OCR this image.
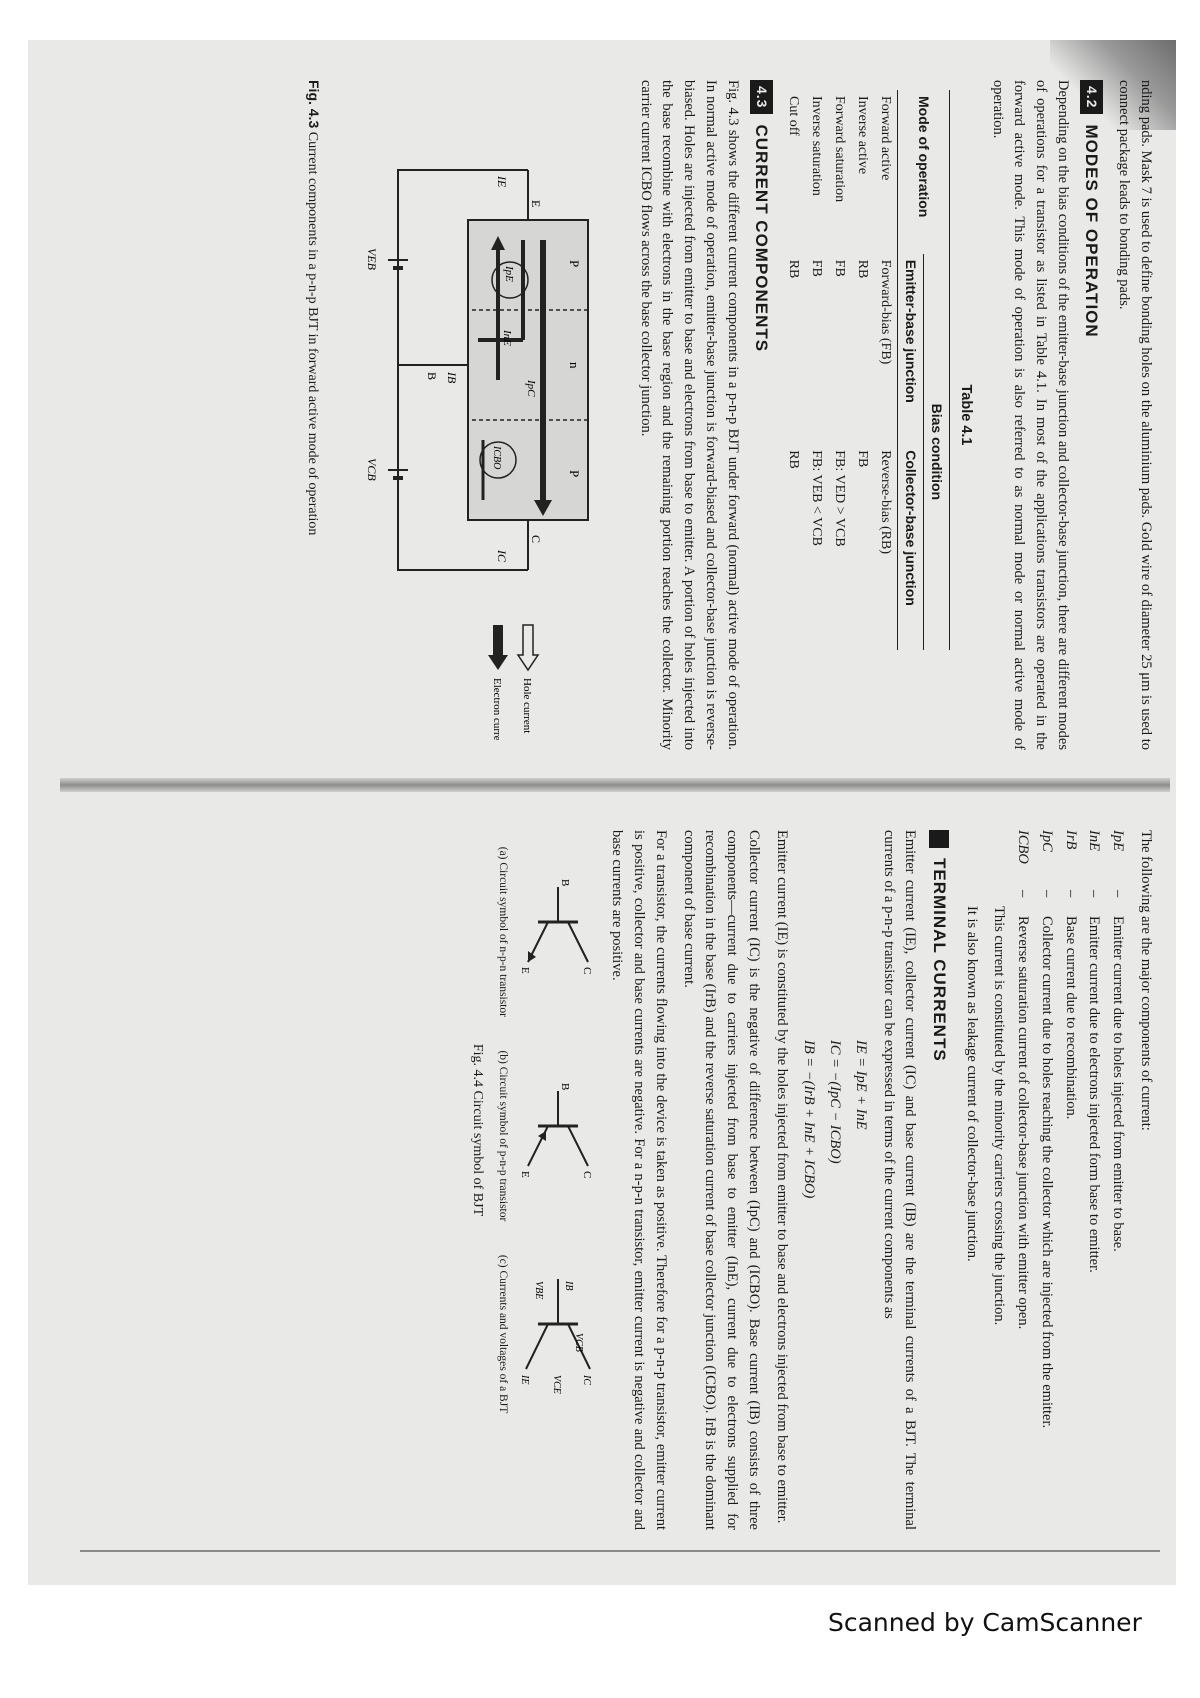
nding pads. Mask 7 is used to define bonding holes on the aluminium pads. Gold wire of diameter 25 μm is used to connect package leads to bonding pads.

4.2
MODES OF OPERATION

Depending on the bias conditions of the emitter-base junction and collector-base junction, there are different modes of operations for a transistor as listed in Table 4.1. In most of the applications transistors are operated in the forward active mode. This mode of operation is also referred to as normal mode or normal active mode of operation.

Table 4.1
Mode of operation	Bias condition	
	Emitter-base junction	Collector-base junction
Forward active	Forward-bias (FB)	Reverse-bias (RB)
Inverse active	RB	FB
Forward saturation	FB	FB: VED > VCB
Inverse saturation	FB	FB: VEB < VCB
Cut off	RB	RB
4.3
CURRENT COMPONENTS

Fig. 4.3 shows the different current components in a p-n-p BJT under forward (normal) active mode of operation. In normal active mode of operation, emitter-base junction is forward-biased and collector-base junction is reverse-biased. Holes are injected from emitter to base and electrons from base to emitter. A portion of holes injected into the base recombine with electrons in the base region and the remaining portion reaches the collector. Minority carrier current ICBO flows across the base collector junction.

P
n
P
IpE
InE
IpC
ICBO
E
C
B
IE
IC
IB
VEB
VCB
Hole current
Electron current

Fig. 4.3 Current components in a p-n-p BJT in forward active mode of operation

The following are the major components of current:

IpE
–
Emitter current due to holes injected from emitter to base.
InE
–
Emitter current due to electrons injected form base to emitter.
IrB
–
Base current due to recombination.
IpC
–
Collector current due to holes reaching the collector which are injected from the emitter.
ICBO
–
Reverse saturation current of collector-base junction with emitter open.

This current is constituted by the minority carriers crossing the junction.

It is also known as leakage current of collector-base junction.

TERMINAL CURRENTS

Emitter current (IE), collector current (IC) and base current (IB) are the terminal currents of a BJT. The terminal currents of a p-n-p transistor can be expressed in terms of the current components as

IE = IpE + InE
IC = −(IpC − ICBO)
IB = −(IrB + InE + ICBO)

Emitter current (IE) is constituted by the holes injected from emitter to base and electrons injected from base to emitter.

Collector current (IC) is the negative of difference between (IpC) and (ICBO). Base current (IB) consists of three components—current due to carriers injected from base to emitter (InE), current due to electrons supplied for recombination in the base (IrB) and the reverse saturation current of base collector junction (ICBO). IrB is the dominant component of base current.

For a transistor, the currents flowing into the device is taken as positive. Therefore for a p-n-p transistor, emitter current is positive, collector and base currents are negative. For a n-p-n transistor, emitter current is negative and collector and base currents are positive.

B
C
E
(a) Circuit symbol of n-p-n transistor
B
C
E
(b) Circuit symbol of p-n-p transistor
IB
IC
IE
VBE
VCE
VCB
(c) Currents and voltages of a BJT
Fig. 4.4 Circuit symbol of BJT
Scanned by CamScanner
